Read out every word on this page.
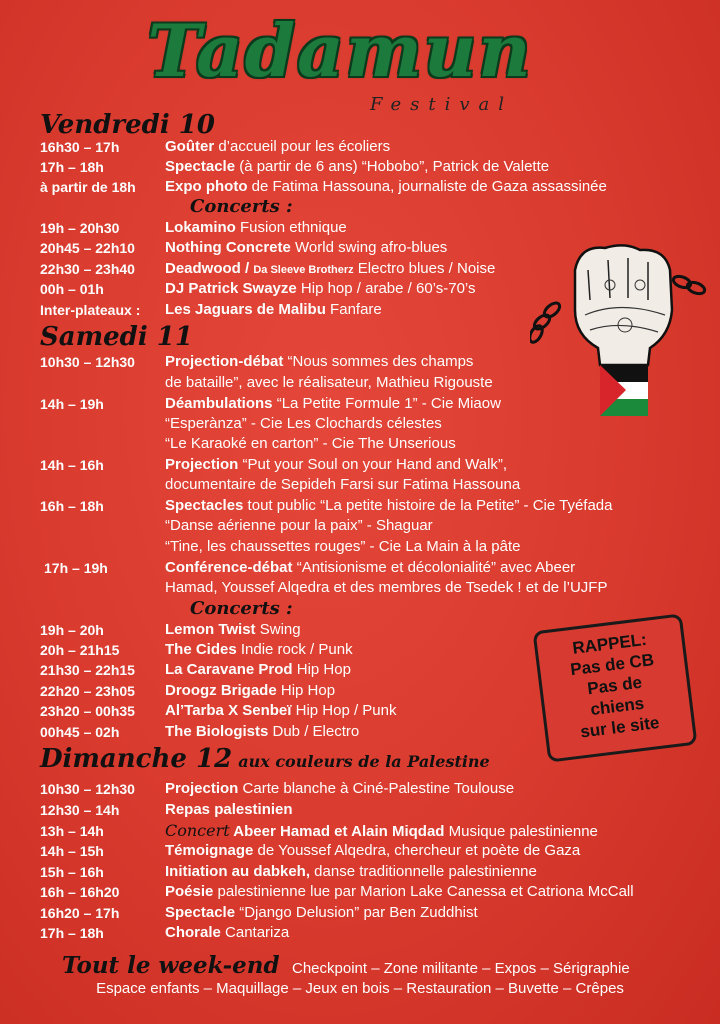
Tadamun
Festival
Vendredi 10
16h30 – 17h	Goûter d’accueil pour les écoliers
17h – 18h	Spectacle (à partir de 6 ans) “Hobobo”, Patrick de Valette
à partir de 18h	Expo photo de Fatima Hassouna, journaliste de Gaza assassinée
Concerts :
19h – 20h30	Lokamino Fusion ethnique
20h45 – 22h10	Nothing Concrete World swing afro-blues
22h30 – 23h40	Deadwood / Da Sleeve Brotherz Electro blues / Noise
00h – 01h	DJ Patrick Swayze Hip hop / arabe / 60’s-70’s
Inter-plateaux :	Les Jaguars de Malibu Fanfare
Samedi 11
10h30 – 12h30	Projection-débat “Nous sommes des champs
de bataille”, avec le réalisateur, Mathieu Rigouste
14h – 19h	Déambulations “La Petite Formule 1” - Cie Miaow
“Esperànza” - Cie Les Clochards célestes
“Le Karaoké en carton” - Cie The Unserious
14h – 16h	Projection “Put your Soul on your Hand and Walk”,
documentaire de Sepideh Farsi sur Fatima Hassouna
16h – 18h	Spectacles tout public “La petite histoire de la Petite” - Cie Tyéfada
“Danse aérienne pour la paix” - Shaguar
“Tine, les chaussettes rouges” - Cie La Main à la pâte
17h – 19h	Conférence-débat “Antisionisme et décolonialité” avec Abeer
Hamad, Youssef Alqedra et des membres de Tsedek ! et de l’UJFP
Concerts :
19h – 20h	Lemon Twist Swing
20h – 21h15	The Cides Indie rock / Punk
21h30 – 22h15	La Caravane Prod Hip Hop
22h20 – 23h05	Droogz Brigade Hip Hop
23h20 – 00h35	Al’Tarba X Senbeï Hip Hop / Punk
00h45 – 02h	The Biologists Dub / Electro
RAPPEL:
Pas de CB
Pas de
chiens
sur le site
Dimanche 12 aux couleurs de la Palestine
10h30 – 12h30	Projection Carte blanche à Ciné-Palestine Toulouse
12h30 – 14h	Repas palestinien
13h – 14h	Concert Abeer Hamad et Alain Miqdad Musique palestinienne
14h – 15h	Témoignage de Youssef Alqedra, chercheur et poète de Gaza
15h – 16h	Initiation au dabkeh, danse traditionnelle palestinienne
16h – 16h20	Poésie palestinienne lue par Marion Lake Canessa et Catriona McCall
16h20 – 17h	Spectacle “Django Delusion” par Ben Zuddhist
17h – 18h	Chorale Cantariza
Tout le week-end Checkpoint – Zone militante – Expos – Sérigraphie
Espace enfants – Maquillage – Jeux en bois – Restauration – Buvette – Crêpes
